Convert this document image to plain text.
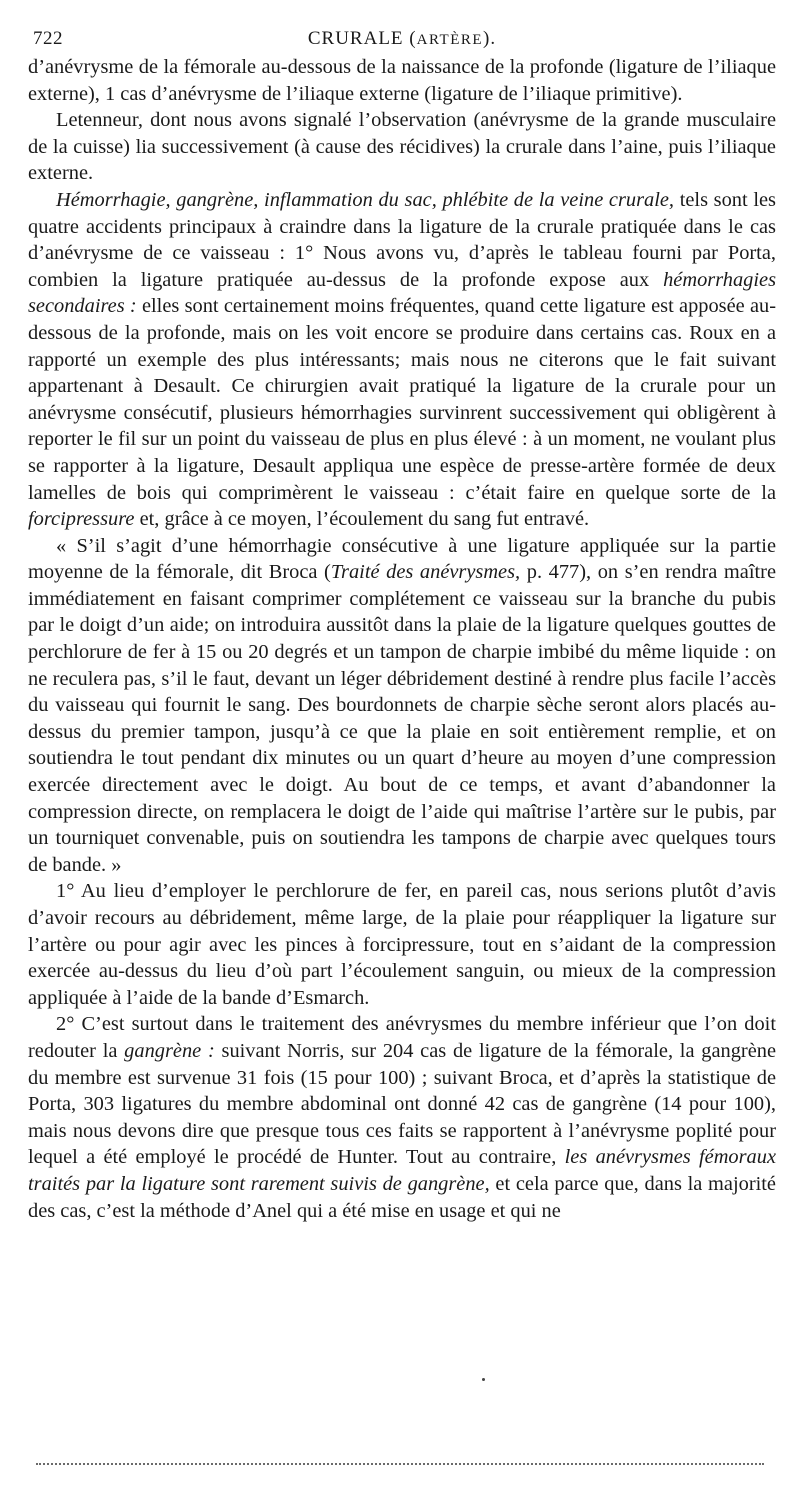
722	CRURALE (ARTÈRE).

d’anévrysme de la fémorale au-dessous de la naissance de la profonde (ligature de l’iliaque externe), 1 cas d’anévrysme de l’iliaque externe (ligature de l’iliaque primitive).

Letenneur, dont nous avons signalé l’observation (anévrysme de la grande musculaire de la cuisse) lia successivement (à cause des récidives) la crurale dans l’aine, puis l’iliaque externe.

Hémorrhagie, gangrène, inflammation du sac, phlébite de la veine crurale, tels sont les quatre accidents principaux à craindre dans la ligature de la crurale pratiquée dans le cas d’anévrysme de ce vaisseau : 1° Nous avons vu, d’après le tableau fourni par Porta, combien la ligature pratiquée au-dessus de la profonde expose aux hémorrhagies secondaires : elles sont certainement moins fréquentes, quand cette ligature est apposée au-dessous de la profonde, mais on les voit encore se produire dans certains cas. Roux en a rapporté un exemple des plus intéressants; mais nous ne citerons que le fait suivant appartenant à Desault. Ce chirurgien avait pratiqué la ligature de la crurale pour un anévrysme consécutif, plusieurs hémorrhagies survinrent successivement qui obligèrent à reporter le fil sur un point du vaisseau de plus en plus élevé : à un moment, ne voulant plus se rapporter à la ligature, Desault appliqua une espèce de presse-artère formée de deux lamelles de bois qui comprimèrent le vaisseau : c’était faire en quelque sorte de la forcipressure et, grâce à ce moyen, l’écoulement du sang fut entravé.

« S’il s’agit d’une hémorrhagie consécutive à une ligature appliquée sur la partie moyenne de la fémorale, dit Broca (Traité des anévrysmes, p. 477), on s’en rendra maître immédiatement en faisant comprimer complétement ce vaisseau sur la branche du pubis par le doigt d’un aide; on introduira aussitôt dans la plaie de la ligature quelques gouttes de perchlorure de fer à 15 ou 20 degrés et un tampon de charpie imbibé du même liquide : on ne reculera pas, s’il le faut, devant un léger débridement destiné à rendre plus facile l’accès du vaisseau qui fournit le sang. Des bourdonnets de charpie sèche seront alors placés au-dessus du premier tampon, jusqu’à ce que la plaie en soit entièrement remplie, et on soutiendra le tout pendant dix minutes ou un quart d’heure au moyen d’une compression exercée directement avec le doigt. Au bout de ce temps, et avant d’abandonner la compression directe, on remplacera le doigt de l’aide qui maîtrise l’artère sur le pubis, par un tourniquet convenable, puis on soutiendra les tampons de charpie avec quelques tours de bande. »

1° Au lieu d’employer le perchlorure de fer, en pareil cas, nous serions plutôt d’avis d’avoir recours au débridement, même large, de la plaie pour réappliquer la ligature sur l’artère ou pour agir avec les pinces à forcipressure, tout en s’aidant de la compression exercée au-dessus du lieu d’où part l’écoulement sanguin, ou mieux de la compression appliquée à l’aide de la bande d’Esmarch.

2° C’est surtout dans le traitement des anévrysmes du membre inférieur que l’on doit redouter la gangrène : suivant Norris, sur 204 cas de ligature de la fémorale, la gangrène du membre est survenue 31 fois (15 pour 100) ; suivant Broca, et d’après la statistique de Porta, 303 ligatures du membre abdominal ont donné 42 cas de gangrène (14 pour 100), mais nous devons dire que presque tous ces faits se rapportent à l’anévrysme poplité pour lequel a été employé le procédé de Hunter. Tout au contraire, les anévrysmes fémoraux traités par la ligature sont rarement suivis de gangrène, et cela parce que, dans la majorité des cas, c’est la méthode d’Anel qui a été mise en usage et qui ne
